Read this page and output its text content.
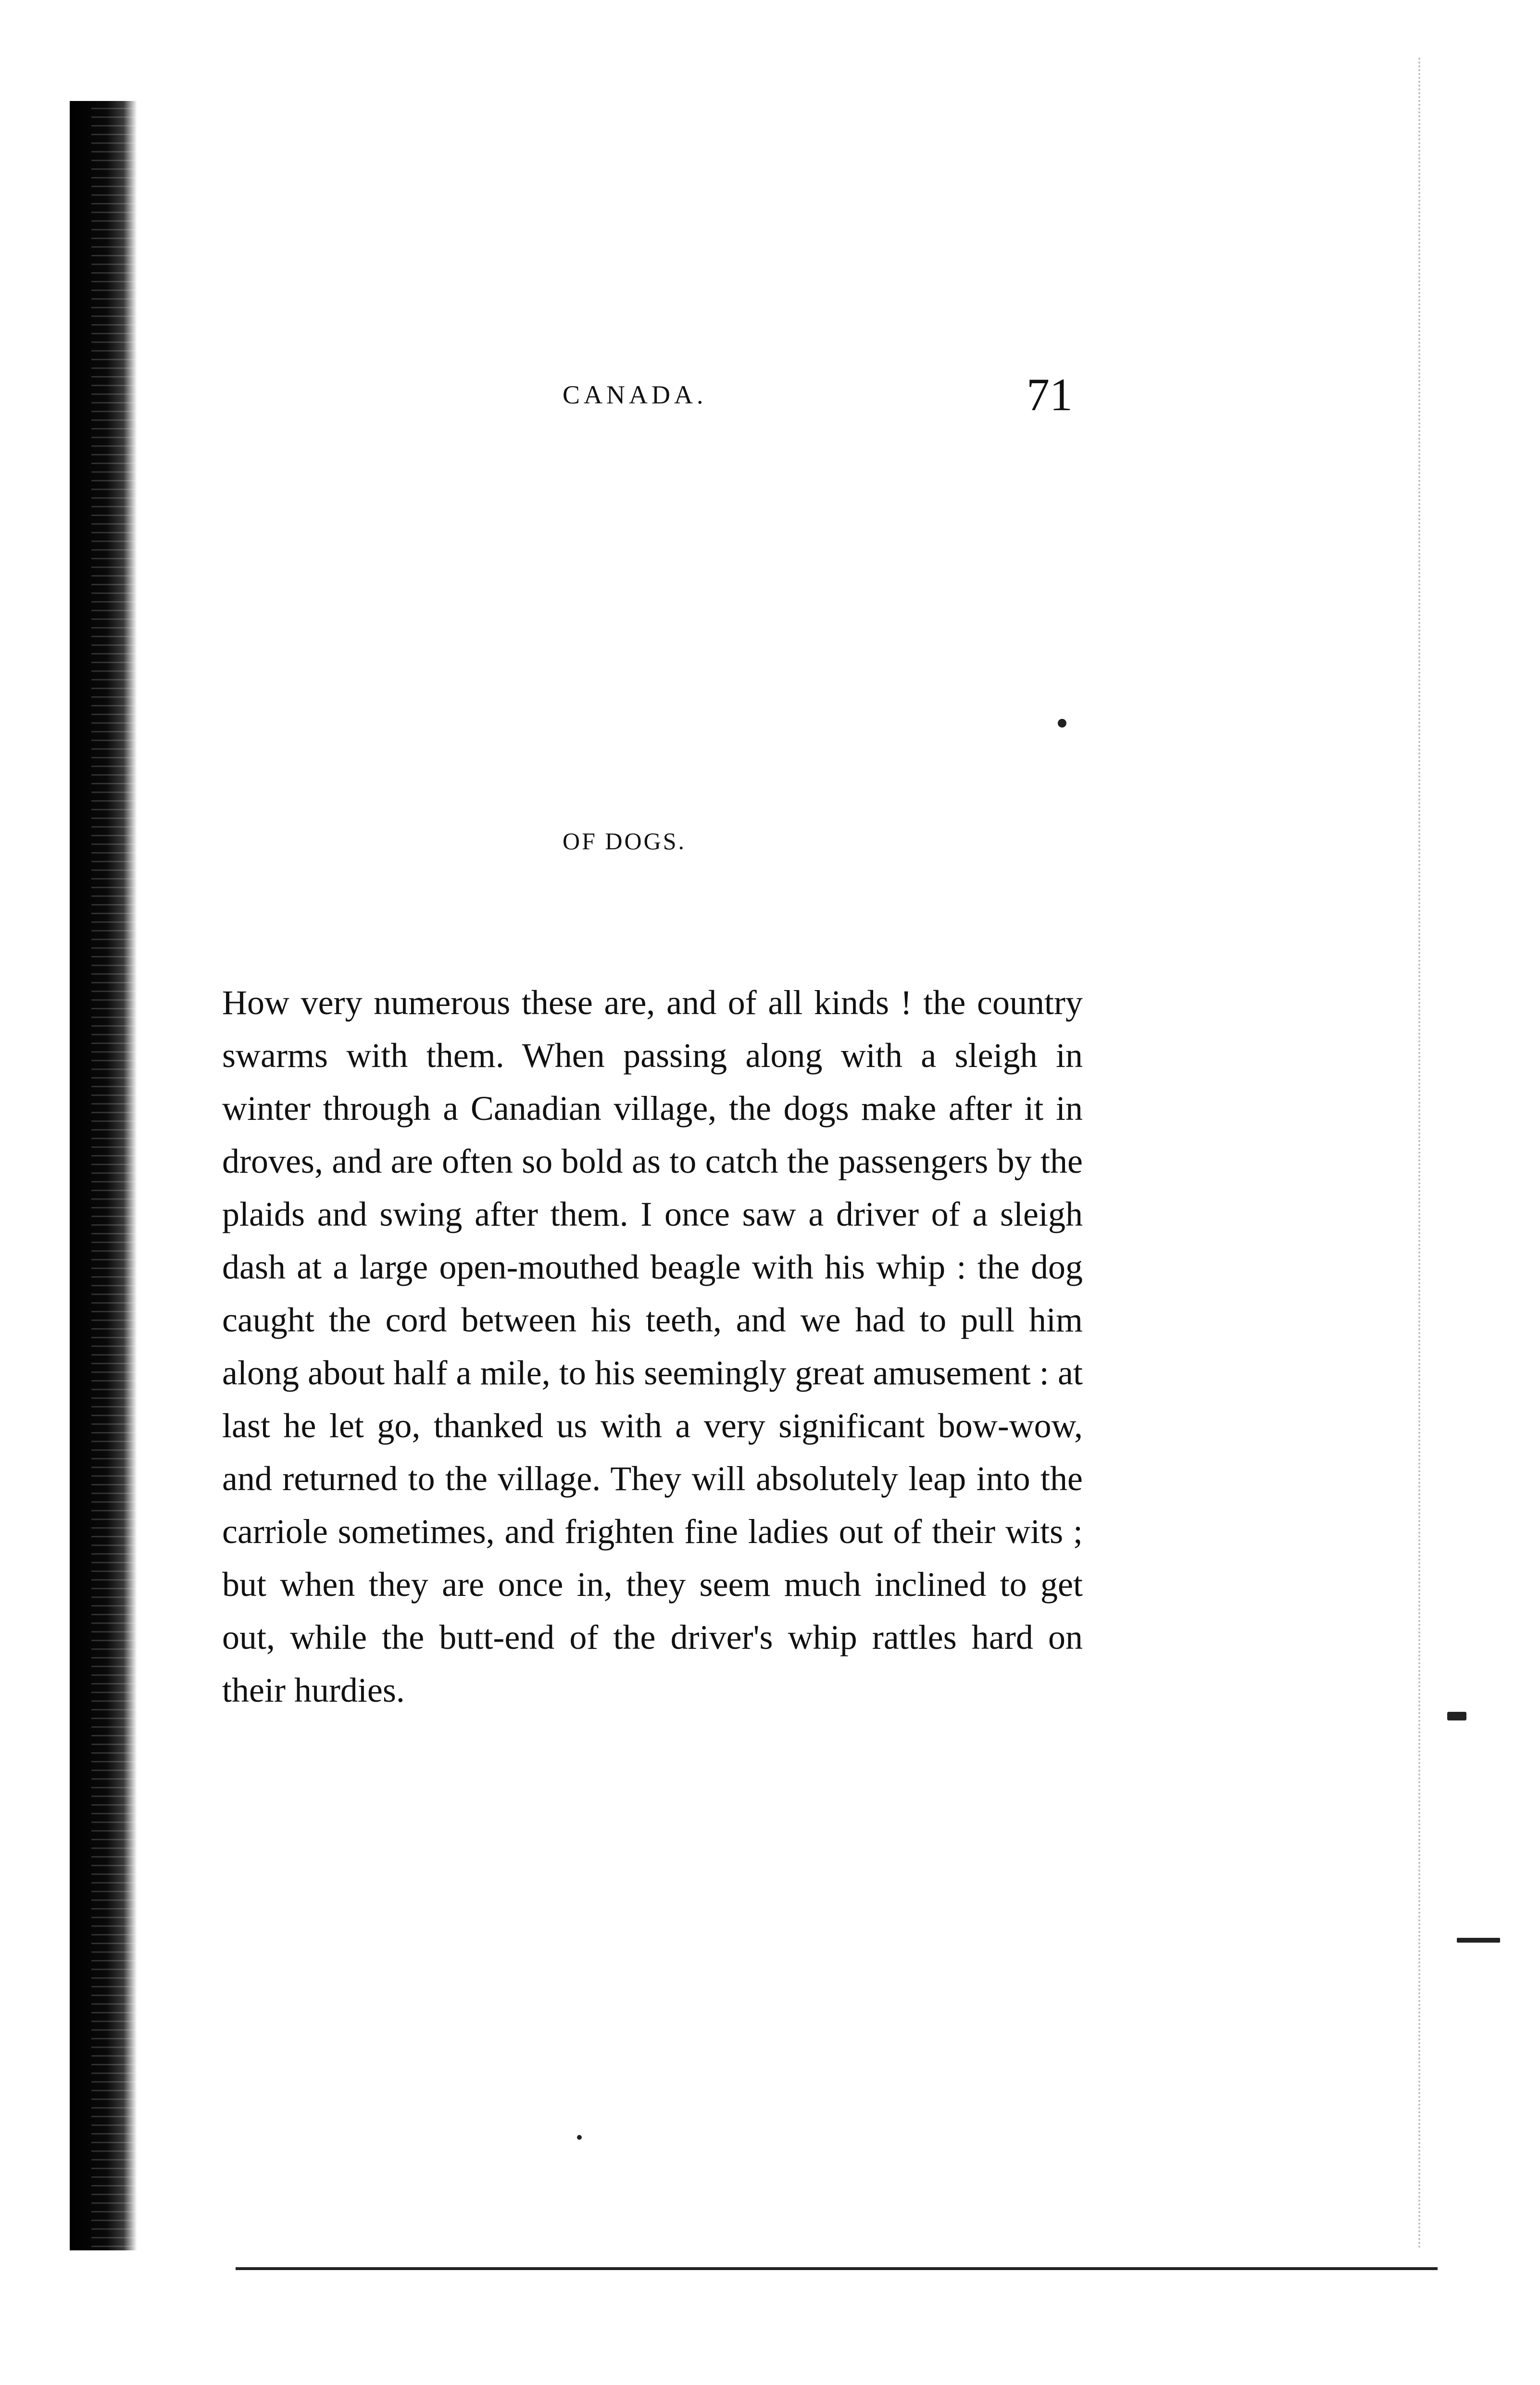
CANADA.	71
OF DOGS.

How very numerous these are, and of all kinds ! the country swarms with them. When passing along with a sleigh in winter through a Canadian village, the dogs make after it in droves, and are often so bold as to catch the passengers by the plaids and swing after them. I once saw a driver of a sleigh dash at a large open-mouthed beagle with his whip : the dog caught the cord between his teeth, and we had to pull him along about half a mile, to his seemingly great amusement : at last he let go, thanked us with a very significant bow-wow, and returned to the village. They will absolutely leap into the carriole sometimes, and frighten fine ladies out of their wits ; but when they are once in, they seem much inclined to get out, while the butt-end of the driver's whip rattles hard on their hurdies.
